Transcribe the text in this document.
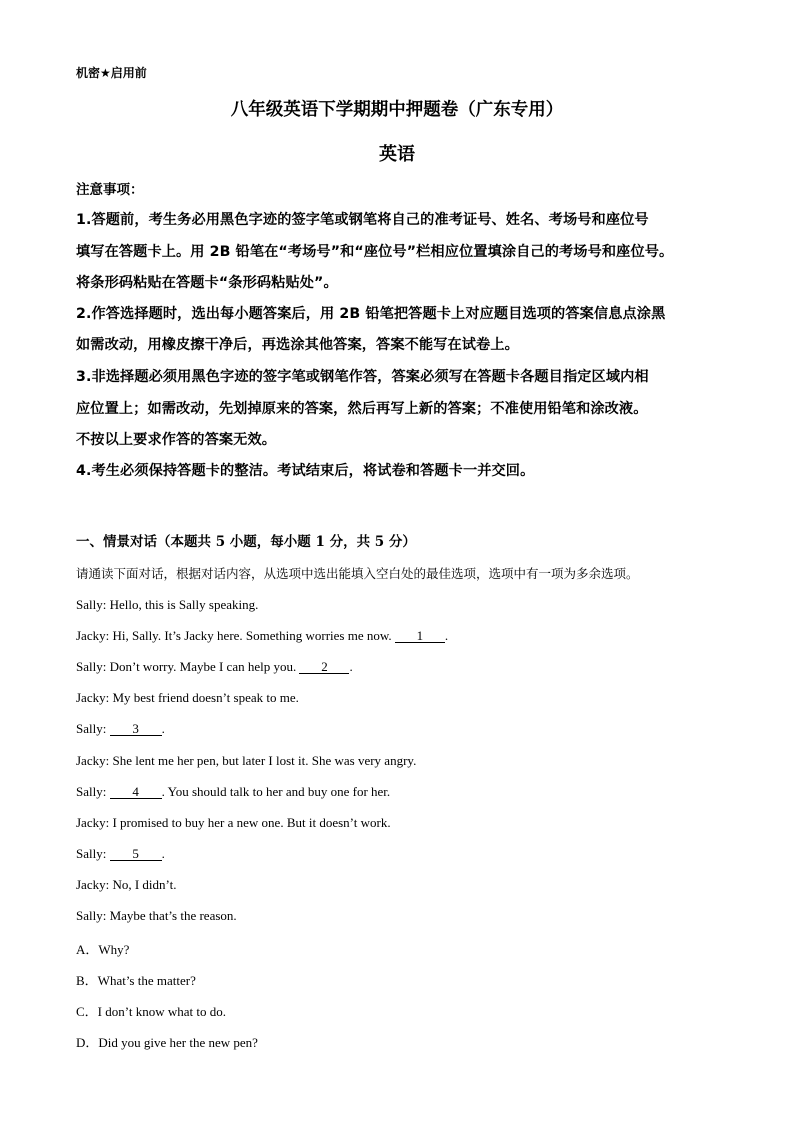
机密★启用前
八年级英语下学期期中押题卷（广东专用）
英语
注意事项：
1.答题前，考生务必用黑色字迹的签字笔或钢笔将自己的准考证号、姓名、考场号和座位号
填写在答题卡上。用 2B 铅笔在“考场号”和“座位号”栏相应位置填涂自己的考场号和座位号。
将条形码粘贴在答题卡“条形码粘贴处”。
2.作答选择题时，选出每小题答案后，用 2B 铅笔把答题卡上对应题目选项的答案信息点涂黑
如需改动，用橡皮擦干净后，再选涂其他答案，答案不能写在试卷上。
3.非选择题必须用黑色字迹的签字笔或钢笔作答，答案必须写在答题卡各题目指定区域内相
应位置上；如需改动，先划掉原来的答案，然后再写上新的答案；不准使用铅笔和涂改液。
不按以上要求作答的答案无效。
4.考生必须保持答题卡的整洁。考试结束后，将试卷和答题卡一并交回。
一、情景对话（本题共 5 小题，每小题 1 分，共 5 分）
请通读下面对话，根据对话内容，从选项中选出能填入空白处的最佳选项，选项中有一项为多余选项。
Sally: Hello, this is Sally speaking.
Jacky: Hi, Sally. It’s Jacky here. Something worries me now. 1 .
Sally: Don’t worry. Maybe I can help you. 2 .
Jacky: My best friend doesn’t speak to me.
Sally: 3 .
Jacky: She lent me her pen, but later I lost it. She was very angry.
Sally: 4 . You should talk to her and buy one for her.
Jacky: I promised to buy her a new one. But it doesn’t work.
Sally: 5 .
Jacky: No, I didn’t.
Sally: Maybe that’s the reason.
A．Why?
B．What’s the matter?
C．I don’t know what to do.
D．Did you give her the new pen?
